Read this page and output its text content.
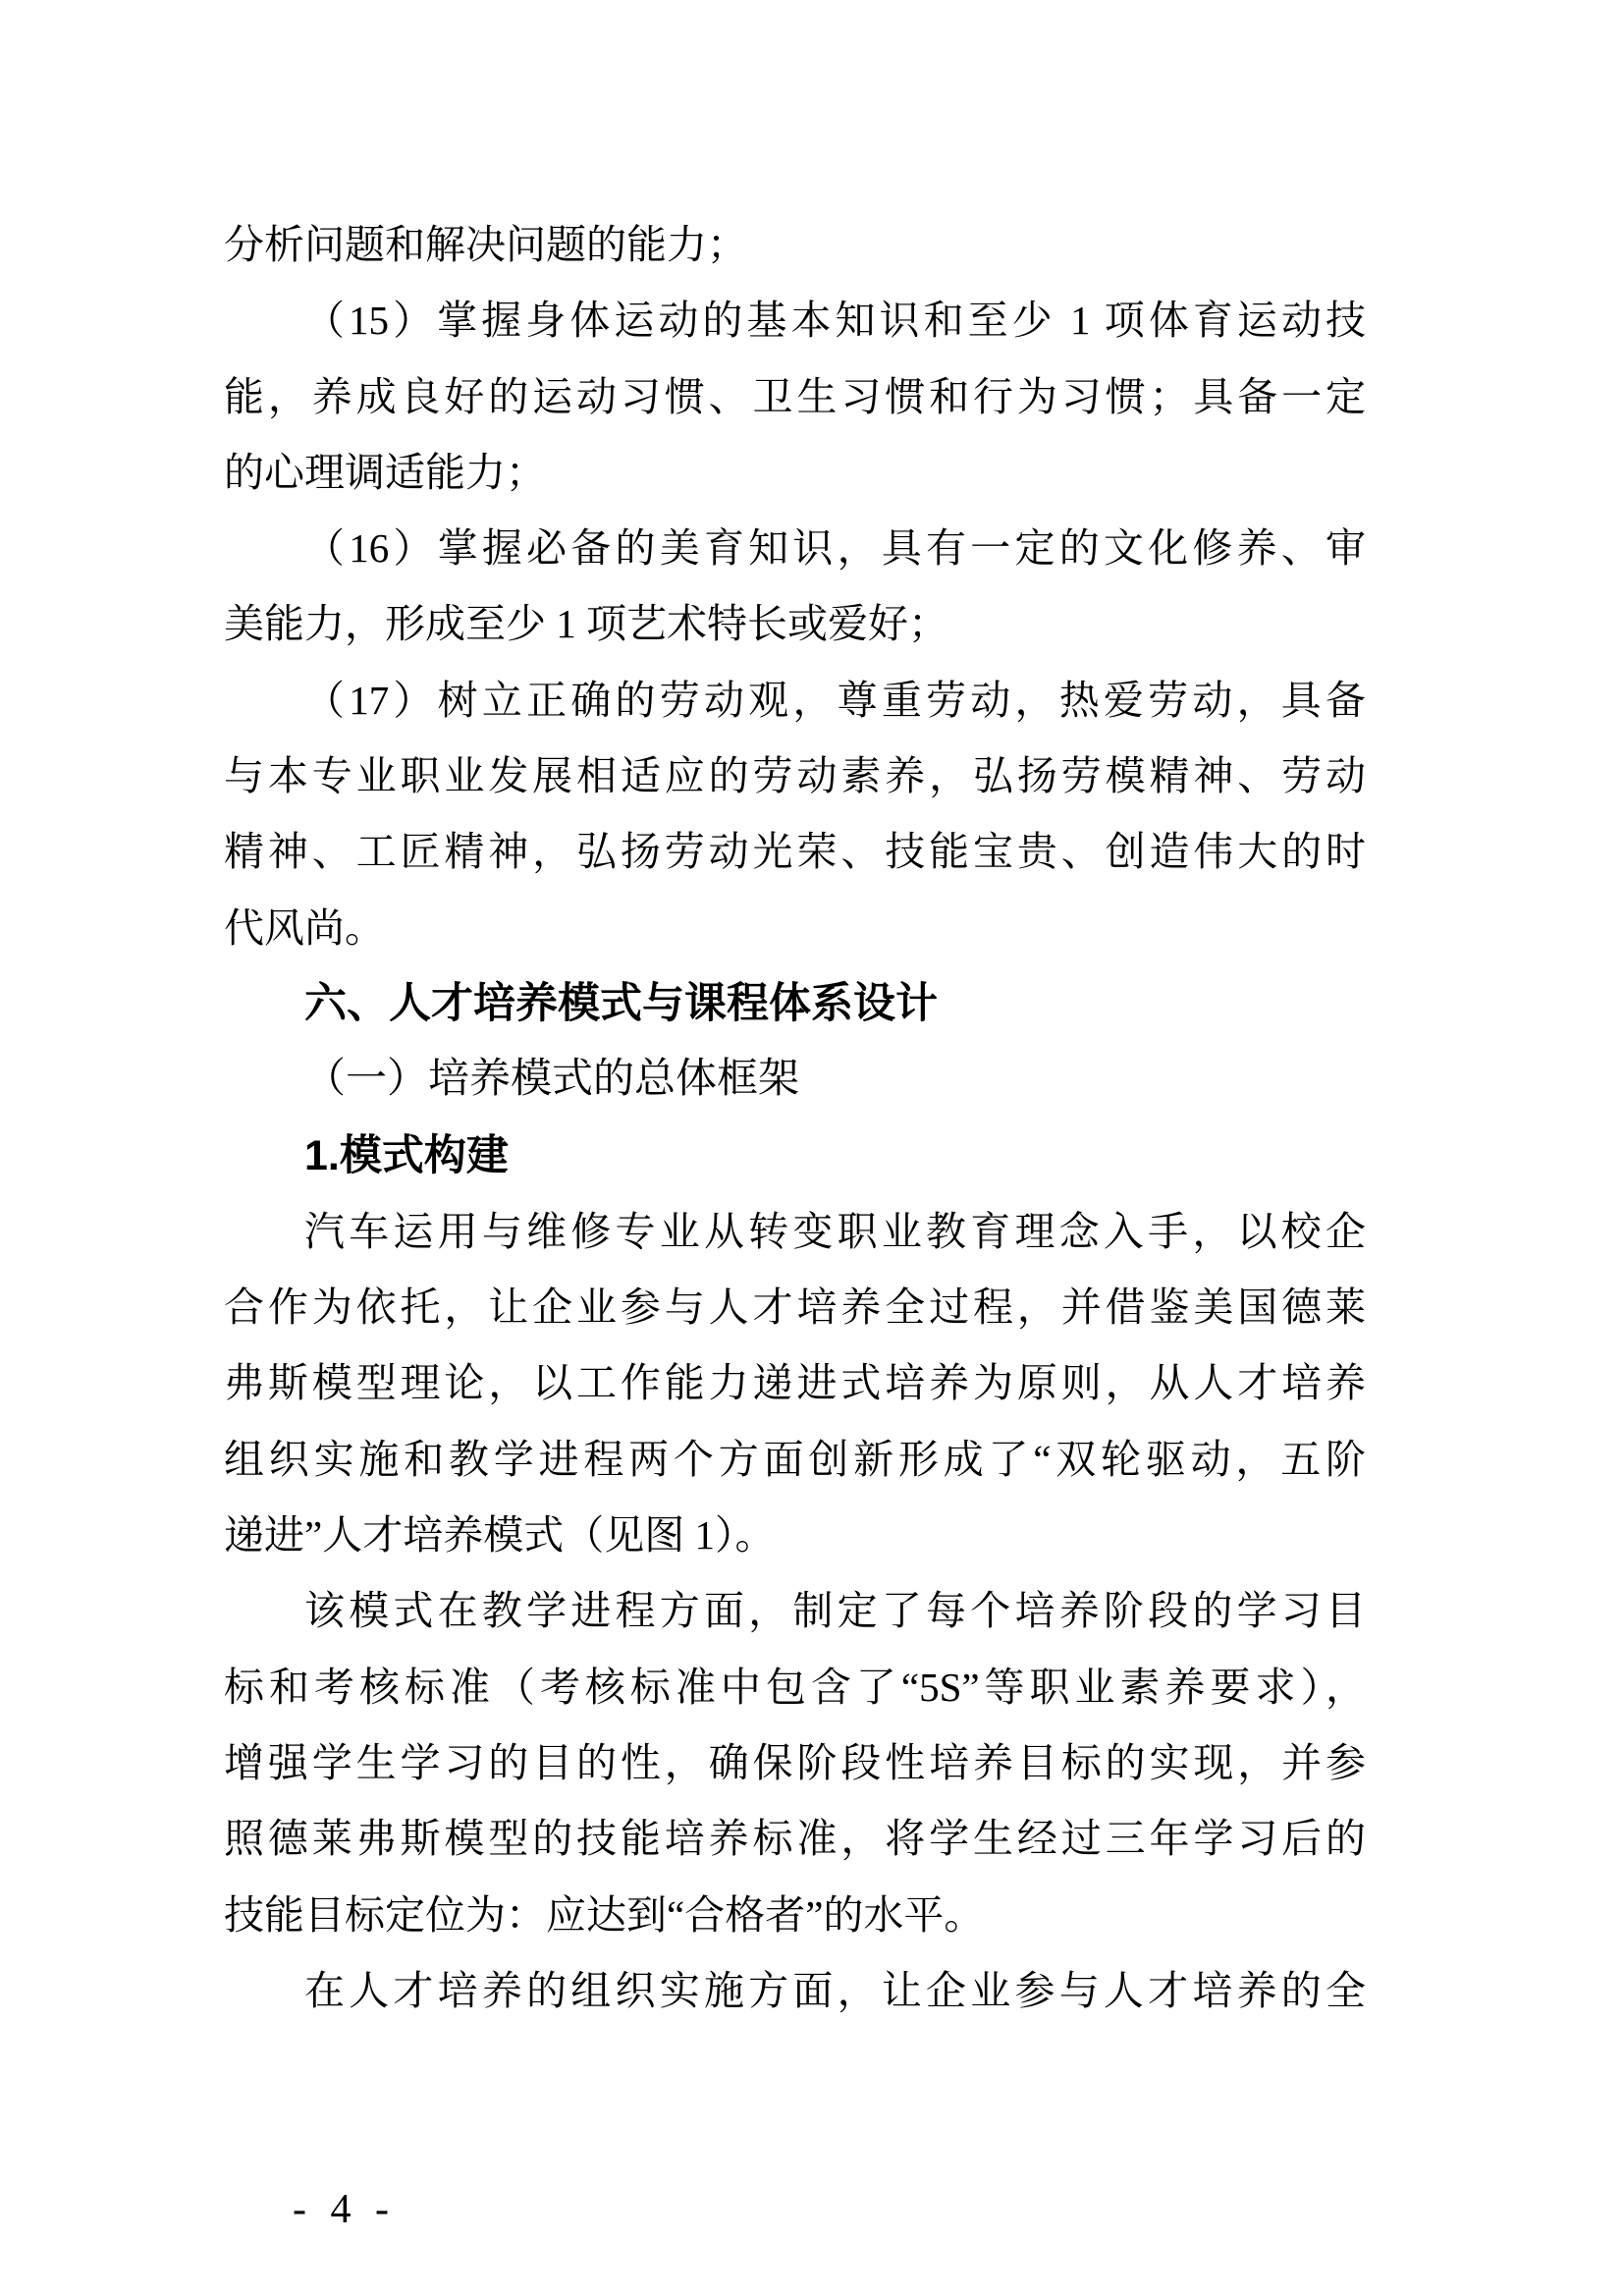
分析问题和解决问题的能力；
（15）掌握身体运动的基本知识和至少 1 项体育运动技
能，养成良好的运动习惯、卫生习惯和行为习惯；具备一定
的心理调适能力；
（16）掌握必备的美育知识，具有一定的文化修养、审
美能力，形成至少 1 项艺术特长或爱好；
（17）树立正确的劳动观，尊重劳动，热爱劳动，具备
与本专业职业发展相适应的劳动素养，弘扬劳模精神、劳动
精神、工匠精神，弘扬劳动光荣、技能宝贵、创造伟大的时
代风尚。
六、人才培养模式与课程体系设计
（一）培养模式的总体框架
1.模式构建
汽车运用与维修专业从转变职业教育理念入手，以校企
合作为依托，让企业参与人才培养全过程，并借鉴美国德莱
弗斯模型理论，以工作能力递进式培养为原则，从人才培养
组织实施和教学进程两个方面创新形成了“双轮驱动，五阶
递进”人才培养模式（见图 1）。
该模式在教学进程方面，制定了每个培养阶段的学习目
标和考核标准（考核标准中包含了“5S”等职业素养要求），
增强学生学习的目的性，确保阶段性培养目标的实现，并参
照德莱弗斯模型的技能培养标准，将学生经过三年学习后的
技能目标定位为：应达到“合格者”的水平。
在人才培养的组织实施方面，让企业参与人才培养的全

- 4 -
